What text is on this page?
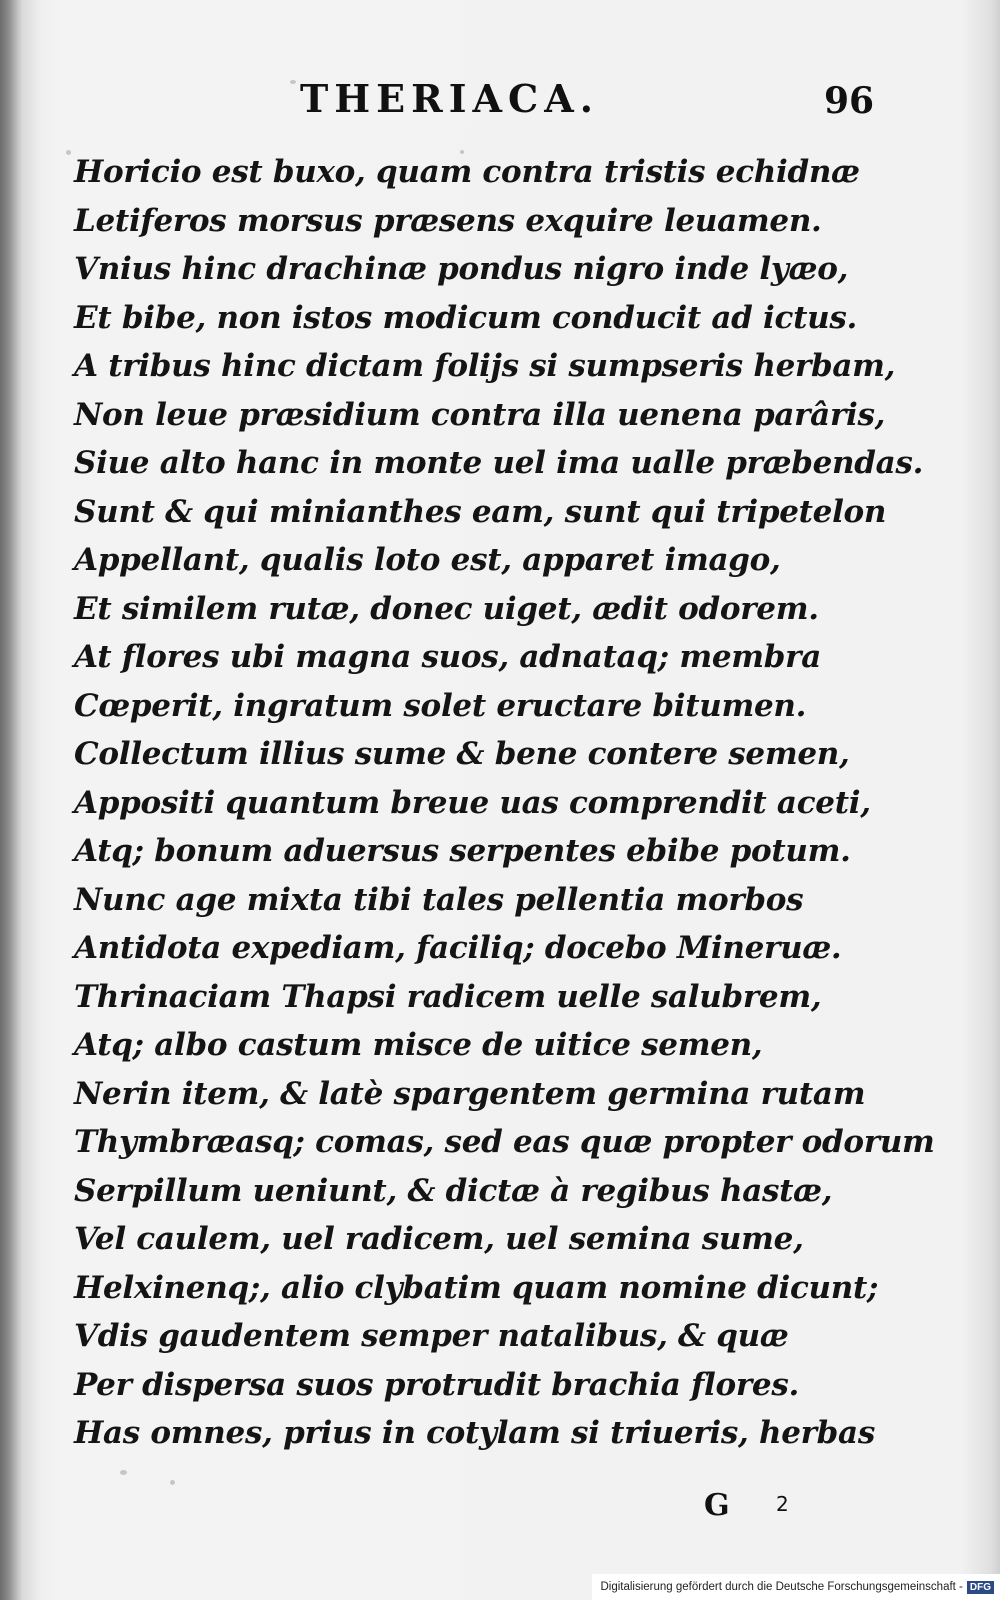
THERIACA.	96
Horicio est buxo, quam contra tristis echidnæ
Letiferos morsus præsens exquire leuamen.
Vnius hinc drachinæ pondus nigro inde lyæo,
Et bibe, non istos modicum conducit ad ictus.
A tribus hinc dictam folijs si sumpseris herbam,
Non leue præsidium contra illa uenena parâris,
Siue alto hanc in monte uel ima ualle præbendas.
Sunt & qui minianthes eam, sunt qui tripetelon
Appellant, qualis loto est, apparet imago,
Et similem rutæ, donec uiget, ædit odorem.
At flores ubi magna suos, adnataq; membra
Cœperit, ingratum solet eructare bitumen.
Collectum illius sume & bene contere semen,
Appositi quantum breue uas comprendit aceti,
Atq; bonum aduersus serpentes ebibe potum.
Nunc age mixta tibi tales pellentia morbos
Antidota expediam, faciliq; docebo Mineruæ.
Thrinaciam Thapsi radicem uelle salubrem,
Atq; albo castum misce de uitice semen,
Nerin item, & latè spargentem germina rutam
Thymbræasq; comas, sed eas quæ propter odorum
Serpillum ueniunt, & dictæ à regibus hastæ,
Vel caulem, uel radicem, uel semina sume,
Helxinenq;, alio clybatim quam nomine dicunt;
Vdis gaudentem semper natalibus, & quæ
Per dispersa suos protrudit brachia flores.
Has omnes, prius in cotylam si triueris, herbas
G 2
Digitalisierung gefördert durch die Deutsche Forschungsgemeinschaft - DFG
